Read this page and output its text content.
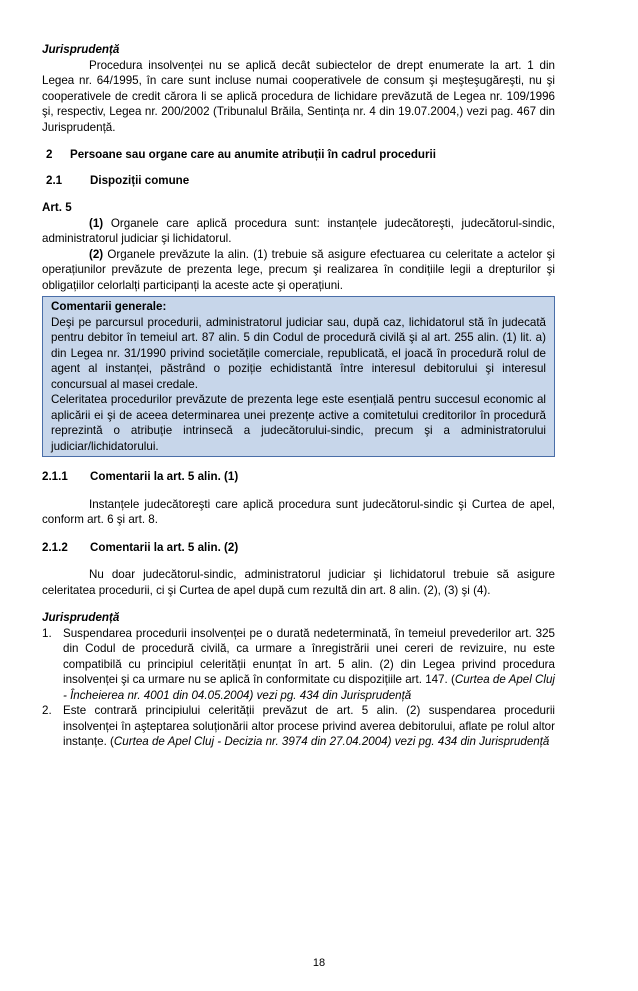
Jurisprudență

Procedura insolvenței nu se aplică decât subiectelor de drept enumerate la art. 1 din Legea nr. 64/1995, în care sunt incluse numai cooperativele de consum şi meşteşugăreşti, nu şi cooperativele de credit cărora li se aplică procedura de lichidare prevăzută de Legea nr. 109/1996 şi, respectiv, Legea nr. 200/2002 (Tribunalul Brăila, Sentința nr. 4 din 19.07.2004,) vezi pag. 467 din Jurisprudență.

2	Persoane sau organe care au anumite atribuții în cadrul procedurii
2.1	Dispoziții comune

Art. 5

(1) Organele care aplică procedura sunt: instanțele judecătoreşti, judecătorul-sindic, administratorul judiciar şi lichidatorul.

(2) Organele prevăzute la alin. (1) trebuie să asigure efectuarea cu celeritate a actelor şi operațiunilor prevăzute de prezenta lege, precum şi realizarea în condițiile legii a drepturilor şi obligațiilor celorlalți participanți la aceste acte şi operațiuni.

Comentarii generale:

Deşi pe parcursul procedurii, administratorul judiciar sau, după caz, lichidatorul stă în judecată pentru debitor în temeiul art. 87 alin. 5 din Codul de procedură civilă şi al art. 255 alin. (1) lit. a) din Legea nr. 31/1990 privind societățile comerciale, republicată, el joacă în procedură rolul de agent al instanței, păstrând o poziție echidistantă între interesul debitorului şi interesul concursual al masei credale.

Celeritatea procedurilor prevăzute de prezenta lege este esențială pentru succesul economic al aplicării ei şi de aceea determinarea unei prezențe active a comitetului creditorilor în procedură reprezintă o atribuție intrinsecă a judecătorului-sindic, precum şi a administratorului judiciar/lichidatorului.

2.1.1	Comentarii la art. 5 alin. (1)

Instanțele judecătoreşti care aplică procedura sunt judecătorul-sindic şi Curtea de apel, conform art. 6 şi art. 8.

2.1.2	Comentarii la art. 5 alin. (2)

Nu doar judecătorul-sindic, administratorul judiciar şi lichidatorul trebuie să asigure celeritatea procedurii, ci şi Curtea de apel după cum rezultă din art. 8 alin. (2), (3) şi (4).

Jurisprudență

1. Suspendarea procedurii insolvenței pe o durată nedeterminată, în temeiul prevederilor art. 325 din Codul de procedură civilă, ca urmare a înregistrării unei cereri de revizuire, nu este compatibilă cu principiul celerității enunțat în art. 5 alin. (2) din Legea privind procedura insolvenței şi ca urmare nu se aplică în conformitate cu dispozițiile art. 147. (Curtea de Apel Cluj - Încheierea nr. 4001 din 04.05.2004) vezi pg. 434 din Jurisprudență
2. Este contrară principiului celerității prevăzut de art. 5 alin. (2) suspendarea procedurii insolvenței în aşteptarea soluționării altor procese privind averea debitorului, aflate pe rolul altor instanțe. (Curtea de Apel Cluj - Decizia nr. 3974 din 27.04.2004) vezi pg. 434 din Jurisprudență
18
